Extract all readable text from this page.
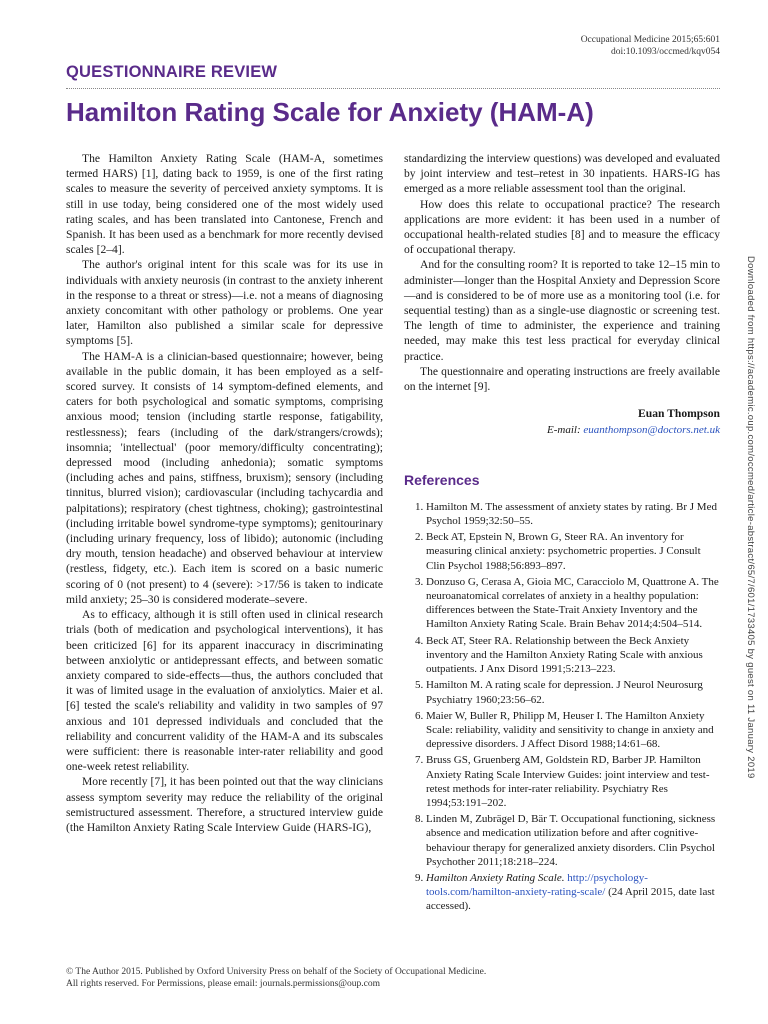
Occupational Medicine 2015;65:601
doi:10.1093/occmed/kqv054
QUESTIONNAIRE REVIEW
Hamilton Rating Scale for Anxiety (HAM-A)

The Hamilton Anxiety Rating Scale (HAM-A, sometimes termed HARS) [1], dating back to 1959, is one of the first rating scales to measure the severity of perceived anxiety symptoms. It is still in use today, being considered one of the most widely used rating scales, and has been translated into Cantonese, French and Spanish. It has been used as a benchmark for more recently devised scales [2–4].

The author's original intent for this scale was for its use in individuals with anxiety neurosis (in contrast to the anxiety inherent in the response to a threat or stress)—i.e. not a means of diagnosing anxiety concomitant with other pathology or problems. One year later, Hamilton also published a similar scale for depressive symptoms [5].

The HAM-A is a clinician-based questionnaire; however, being available in the public domain, it has been employed as a self-scored survey. It consists of 14 symptom-defined elements, and caters for both psychological and somatic symptoms, comprising anxious mood; tension (including startle response, fatigability, restlessness); fears (including of the dark/strangers/crowds); insomnia; 'intellectual' (poor memory/difficulty concentrating); depressed mood (including anhedonia); somatic symptoms (including aches and pains, stiffness, bruxism); sensory (including tinnitus, blurred vision); cardiovascular (including tachycardia and palpitations); respiratory (chest tightness, choking); gastrointestinal (including irritable bowel syndrome-type symptoms); genitourinary (including urinary frequency, loss of libido); autonomic (including dry mouth, tension headache) and observed behaviour at interview (restless, fidgety, etc.). Each item is scored on a basic numeric scoring of 0 (not present) to 4 (severe): >17/56 is taken to indicate mild anxiety; 25–30 is considered moderate–severe.

As to efficacy, although it is still often used in clinical research trials (both of medication and psychological interventions), it has been criticized [6] for its apparent inaccuracy in discriminating between anxiolytic or antidepressant effects, and between somatic anxiety compared to side-effects—thus, the authors concluded that it was of limited usage in the evaluation of anxiolytics. Maier et al. [6] tested the scale's reliability and validity in two samples of 97 anxious and 101 depressed individuals and concluded that the reliability and concurrent validity of the HAM-A and its subscales were sufficient: there is reasonable inter-rater reliability and good one-week retest reliability.

More recently [7], it has been pointed out that the way clinicians assess symptom severity may reduce the reliability of the original semistructured assessment. Therefore, a structured interview guide (the Hamilton Anxiety Rating Scale Interview Guide (HARS-IG),

standardizing the interview questions) was developed and evaluated by joint interview and test–retest in 30 inpatients. HARS-IG has emerged as a more reliable assessment tool than the original.

How does this relate to occupational practice? The research applications are more evident: it has been used in a number of occupational health-related studies [8] and to measure the efficacy of occupational therapy.

And for the consulting room? It is reported to take 12–15 min to administer—longer than the Hospital Anxiety and Depression Score—and is considered to be of more use as a monitoring tool (i.e. for sequential testing) than as a single-use diagnostic or screening test. The length of time to administer, the experience and training needed, may make this test less practical for everyday clinical practice.

The questionnaire and operating instructions are freely available on the internet [9].

Euan Thompson
E-mail: euanthompson@doctors.net.uk
References
1. Hamilton M. The assessment of anxiety states by rating. Br J Med Psychol 1959;32:50–55.
2. Beck AT, Epstein N, Brown G, Steer RA. An inventory for measuring clinical anxiety: psychometric properties. J Consult Clin Psychol 1988;56:893–897.
3. Donzuso G, Cerasa A, Gioia MC, Caracciolo M, Quattrone A. The neuroanatomical correlates of anxiety in a healthy population: differences between the State-Trait Anxiety Inventory and the Hamilton Anxiety Rating Scale. Brain Behav 2014;4:504–514.
4. Beck AT, Steer RA. Relationship between the Beck Anxiety inventory and the Hamilton Anxiety Rating Scale with anxious outpatients. J Anx Disord 1991;5:213–223.
5. Hamilton M. A rating scale for depression. J Neurol Neurosurg Psychiatry 1960;23:56–62.
6. Maier W, Buller R, Philipp M, Heuser I. The Hamilton Anxiety Scale: reliability, validity and sensitivity to change in anxiety and depressive disorders. J Affect Disord 1988;14:61–68.
7. Bruss GS, Gruenberg AM, Goldstein RD, Barber JP. Hamilton Anxiety Rating Scale Interview Guides: joint interview and test-retest methods for inter-rater reliability. Psychiatry Res 1994;53:191–202.
8. Linden M, Zubrägel D, Bär T. Occupational functioning, sickness absence and medication utilization before and after cognitive-behaviour therapy for generalized anxiety disorders. Clin Psychol Psychother 2011;18:218–224.
9. Hamilton Anxiety Rating Scale. http://psychology-tools.com/hamilton-anxiety-rating-scale/ (24 April 2015, date last accessed).
Downloaded from https://academic.oup.com/occmed/article-abstract/65/7/601/1733405 by guest on 11 January 2019
© The Author 2015. Published by Oxford University Press on behalf of the Society of Occupational Medicine.
All rights reserved. For Permissions, please email: journals.permissions@oup.com
